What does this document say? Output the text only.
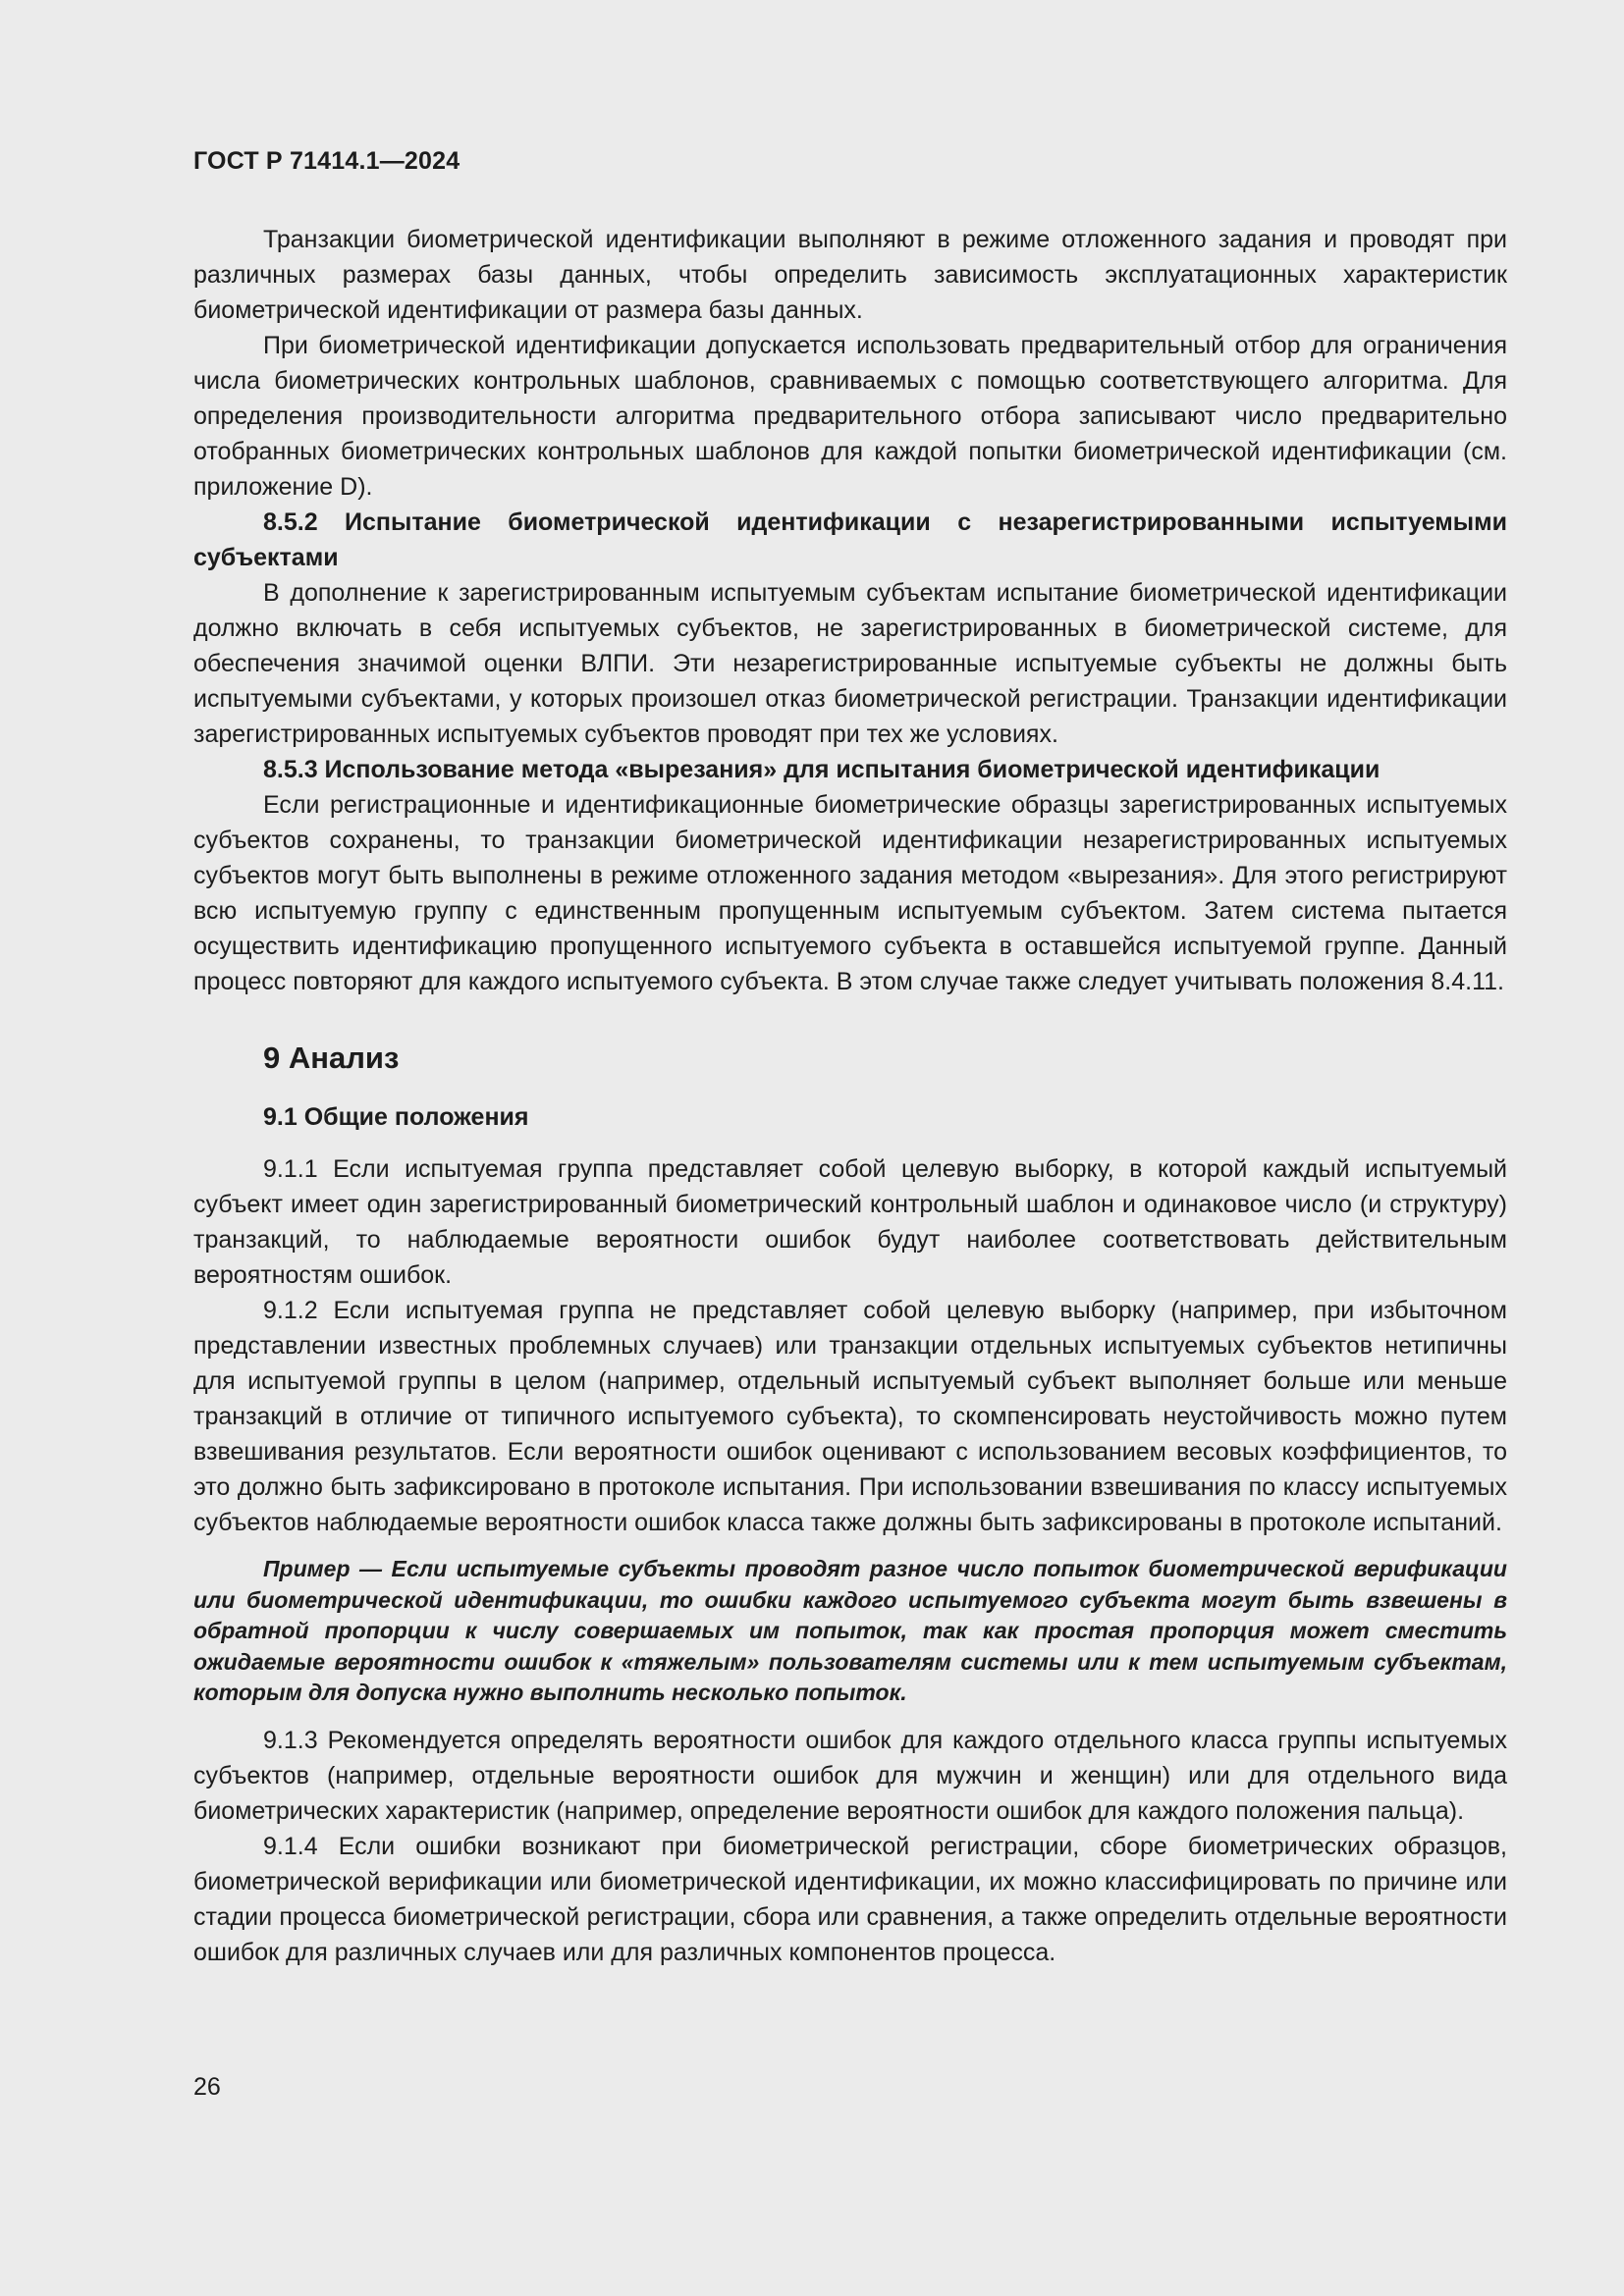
ГОСТ Р 71414.1—2024

Транзакции биометрической идентификации выполняют в режиме отложенного задания и проводят при различных размерах базы данных, чтобы определить зависимость эксплуатационных характеристик биометрической идентификации от размера базы данных.

При биометрической идентификации допускается использовать предварительный отбор для ограничения числа биометрических контрольных шаблонов, сравниваемых с помощью соответствующего алгоритма. Для определения производительности алгоритма предварительного отбора записывают число предварительно отобранных биометрических контрольных шаблонов для каждой попытки биометрической идентификации (см. приложение D).

8.5.2 Испытание биометрической идентификации с незарегистрированными испытуемыми субъектами

В дополнение к зарегистрированным испытуемым субъектам испытание биометрической идентификации должно включать в себя испытуемых субъектов, не зарегистрированных в биометрической системе, для обеспечения значимой оценки ВЛПИ. Эти незарегистрированные испытуемые субъекты не должны быть испытуемыми субъектами, у которых произошел отказ биометрической регистрации. Транзакции идентификации зарегистрированных испытуемых субъектов проводят при тех же условиях.

8.5.3 Использование метода «вырезания» для испытания биометрической идентификации

Если регистрационные и идентификационные биометрические образцы зарегистрированных испытуемых субъектов сохранены, то транзакции биометрической идентификации незарегистрированных испытуемых субъектов могут быть выполнены в режиме отложенного задания методом «вырезания». Для этого регистрируют всю испытуемую группу с единственным пропущенным испытуемым субъектом. Затем система пытается осуществить идентификацию пропущенного испытуемого субъекта в оставшейся испытуемой группе. Данный процесс повторяют для каждого испытуемого субъекта. В этом случае также следует учитывать положения 8.4.11.

9 Анализ

9.1 Общие положения

9.1.1 Если испытуемая группа представляет собой целевую выборку, в которой каждый испытуемый субъект имеет один зарегистрированный биометрический контрольный шаблон и одинаковое число (и структуру) транзакций, то наблюдаемые вероятности ошибок будут наиболее соответствовать действительным вероятностям ошибок.

9.1.2 Если испытуемая группа не представляет собой целевую выборку (например, при избыточном представлении известных проблемных случаев) или транзакции отдельных испытуемых субъектов нетипичны для испытуемой группы в целом (например, отдельный испытуемый субъект выполняет больше или меньше транзакций в отличие от типичного испытуемого субъекта), то скомпенсировать неустойчивость можно путем взвешивания результатов. Если вероятности ошибок оценивают с использованием весовых коэффициентов, то это должно быть зафиксировано в протоколе испытания. При использовании взвешивания по классу испытуемых субъектов наблюдаемые вероятности ошибок класса также должны быть зафиксированы в протоколе испытаний.

Пример — Если испытуемые субъекты проводят разное число попыток биометрической верификации или биометрической идентификации, то ошибки каждого испытуемого субъекта могут быть взвешены в обратной пропорции к числу совершаемых им попыток, так как простая пропорция может сместить ожидаемые вероятности ошибок к «тяжелым» пользователям системы или к тем испытуемым субъектам, которым для допуска нужно выполнить несколько попыток.

9.1.3 Рекомендуется определять вероятности ошибок для каждого отдельного класса группы испытуемых субъектов (например, отдельные вероятности ошибок для мужчин и женщин) или для отдельного вида биометрических характеристик (например, определение вероятности ошибок для каждого положения пальца).

9.1.4 Если ошибки возникают при биометрической регистрации, сборе биометрических образцов, биометрической верификации или биометрической идентификации, их можно классифицировать по причине или стадии процесса биометрической регистрации, сбора или сравнения, а также определить отдельные вероятности ошибок для различных случаев или для различных компонентов процесса.

26
